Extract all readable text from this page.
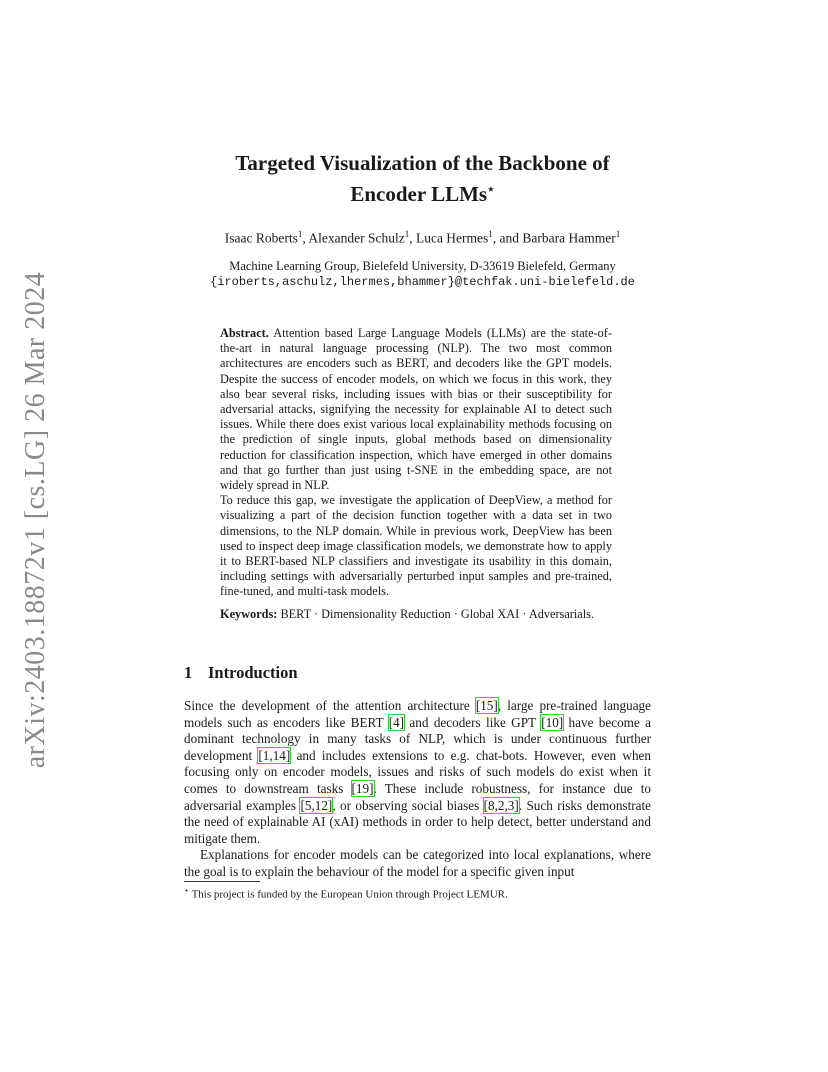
arXiv:2403.18872v1 [cs.LG] 26 Mar 2024
Targeted Visualization of the Backbone of
Encoder LLMs⋆
Isaac Roberts$^1$, Alexander Schulz$^1$, Luca Hermes$^1$, and Barbara Hammer$^1$
Machine Learning Group, Bielefeld University, D-33619 Bielefeld, Germany
{iroberts,aschulz,lhermes,bhammer}@techfak.uni-bielefeld.de

Abstract. Attention based Large Language Models (LLMs) are the state-of-the-art in natural language processing (NLP). The two most common architectures are encoders such as BERT, and decoders like the GPT models. Despite the success of encoder models, on which we focus in this work, they also bear several risks, including issues with bias or their susceptibility for adversarial attacks, signifying the necessity for explainable AI to detect such issues. While there does exist various local explainability methods focusing on the prediction of single inputs, global methods based on dimensionality reduction for classification inspection, which have emerged in other domains and that go further than just using t-SNE in the embedding space, are not widely spread in NLP.

To reduce this gap, we investigate the application of DeepView, a method for visualizing a part of the decision function together with a data set in two dimensions, to the NLP domain. While in previous work, DeepView has been used to inspect deep image classification models, we demonstrate how to apply it to BERT-based NLP classifiers and investigate its usability in this domain, including settings with adversarially perturbed input samples and pre-trained, fine-tuned, and multi-task models.

Keywords: BERT · Dimensionality Reduction · Global XAI · Adversarials.
1 Introduction

Since the development of the attention architecture [15], large pre-trained language models such as encoders like BERT [4] and decoders like GPT [10] have become a dominant technology in many tasks of NLP, which is under continuous further development [1,14] and includes extensions to e.g. chat-bots. However, even when focusing only on encoder models, issues and risks of such models do exist when it comes to downstream tasks [19]. These include robustness, for instance due to adversarial examples [5,12], or observing social biases [8,2,3]. Such risks demonstrate the need of explainable AI (xAI) methods in order to help detect, better understand and mitigate them.

Explanations for encoder models can be categorized into local explanations, where the goal is to explain the behaviour of the model for a specific given input

⋆ This project is funded by the European Union through Project LEMUR.
